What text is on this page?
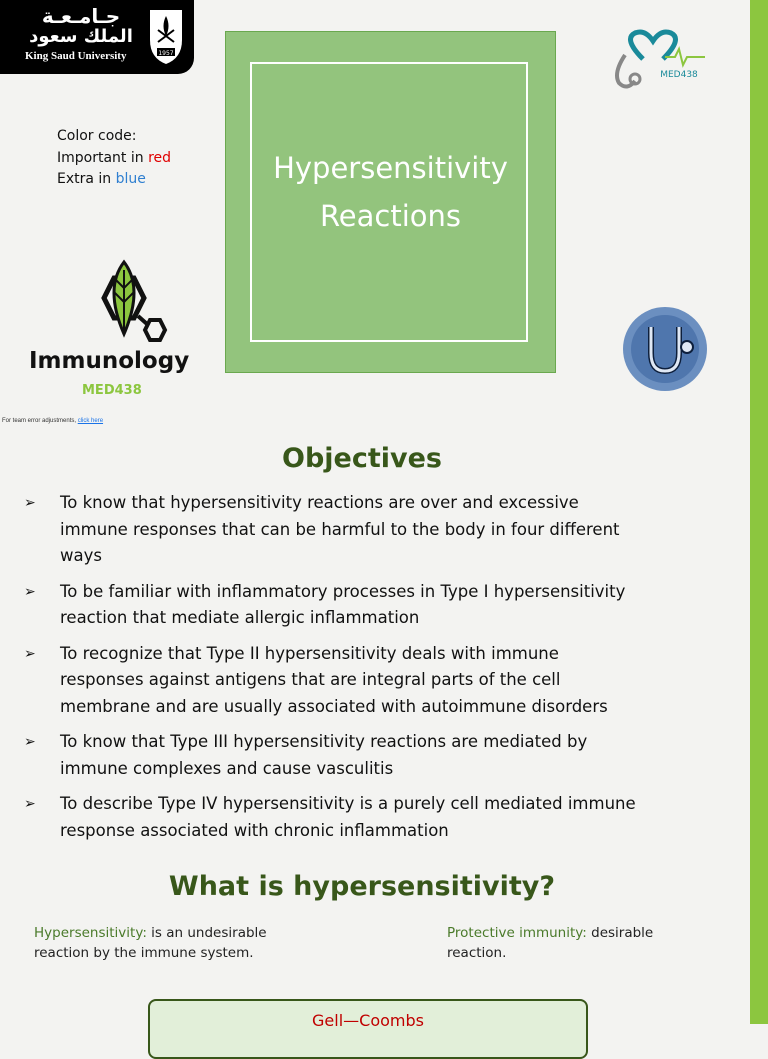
جـامـعـة
الملك سعود
King Saud University	1957
Color code:
Important in red
Extra in blue	Hypersensitivity
Reactions
MED438
Immunology
MED438
For team error adjustments, click here
Objectives
➢ To know that hypersensitivity reactions are over and excessive immune responses that can be harmful to the body in four different ways
➢ To be familiar with inflammatory processes in Type I hypersensitivity reaction that mediate allergic inflammation
➢ To recognize that Type II hypersensitivity deals with immune responses against antigens that are integral parts of the cell membrane and are usually associated with autoimmune disorders
➢ To know that Type III hypersensitivity reactions are mediated by immune complexes and cause vasculitis
➢ To describe Type IV hypersensitivity is a purely cell mediated immune response associated with chronic inflammation
What is hypersensitivity?
Hypersensitivity: is an undesirable reaction by the immune system.
Protective immunity: desirable reaction.
Gell—Coombs
